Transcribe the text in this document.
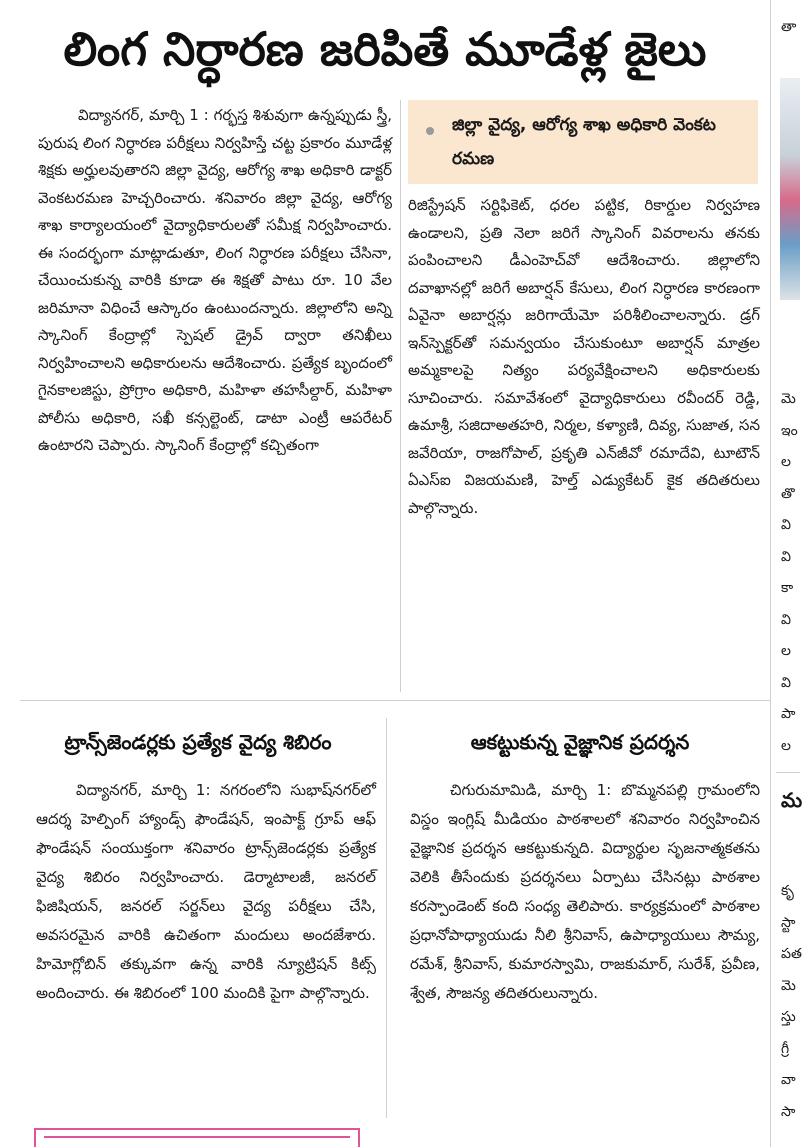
లింగ నిర్ధారణ జరిపితే మూడేళ్ల జైలు

విద్యానగర్, మార్చి 1 : గర్భస్త శిశువుగా ఉన్నప్పుడు స్త్రీ, పురుష లింగ నిర్ధారణ పరీక్షలు నిర్వహిస్తే చట్ట ప్రకారం మూడేళ్ల శిక్షకు అర్హులవుతారని జిల్లా వైద్య, ఆరోగ్య శాఖ అధికారి డాక్టర్ వెంకటరమణ హెచ్చరించారు. శనివారం జిల్లా వైద్య, ఆరోగ్య శాఖ కార్యాలయంలో వైద్యాధికారులతో సమీక్ష నిర్వహించారు. ఈ సందర్భంగా మాట్లాడుతూ, లింగ నిర్ధారణ పరీక్షలు చేసినా, చేయించుకున్న వారికి కూడా ఈ శిక్షతో పాటు రూ. 10 వేల జరిమానా విధించే ఆస్కారం ఉంటుందన్నారు. జిల్లాలోని అన్ని స్కానింగ్ కేంద్రాల్లో స్పెషల్ డ్రైవ్ ద్వారా తనిఖీలు నిర్వహించాలని అధికారులను ఆదేశించారు. ప్రత్యేక బృందంలో గైనకాలజిస్టు, ప్రోగ్రాం అధికారి, మహిళా తహసీల్దార్, మహిళా పోలీసు అధికారి, సఖీ కన్సల్టెంట్, డాటా ఎంట్రీ ఆపరేటర్ ఉంటారని చెప్పారు. స్కానింగ్ కేంద్రాల్లో కచ్చితంగా

జిల్లా వైద్య, ఆరోగ్య శాఖ అధికారి వెంకట రమణ

రిజిస్ట్రేషన్ సర్టిఫికెట్, ధరల పట్టిక, రికార్డుల నిర్వహణ ఉండాలని, ప్రతి నెలా జరిగే స్కానింగ్ వివరాలను తనకు పంపించాలని డీఎంహెచ్‌వో ఆదేశించారు. జిల్లాలోని దవాఖానల్లో జరిగే అబార్షన్ కేసులు, లింగ నిర్ధారణ కారణంగా ఏవైనా అబార్షన్లు జరిగాయేమో పరిశీలించాలన్నారు. డ్రగ్ ఇన్‌స్పెక్టర్‌తో సమన్వయం చేసుకుంటూ అబార్షన్ మాత్రల అమ్మకాలపై నిత్యం పర్యవేక్షించాలని అధికారులకు సూచించారు. సమావేశంలో వైద్యాధికారులు రవీందర్ రెడ్డి, ఉమాశ్రీ, సజిదాఅతహరి, నిర్మల, కళ్యాణి, దివ్య, సుజాత, సన జవేరియా, రాజగోపాల్, ప్రకృతి ఎన్‌జీవో రమాదేవి, టూటౌన్ ఏఎస్‌ఐ విజయమణి, హెల్త్ ఎడ్యుకేటర్ కైక తదితరులు పాల్గొన్నారు.

ట్రాన్స్‌జెండర్లకు ప్రత్యేక వైద్య శిబిరం

విద్యానగర్, మార్చి 1: నగరంలోని సుభాష్‌నగర్‌లో ఆదర్శ హెల్పింగ్ హ్యాండ్స్ ఫౌండేషన్, ఇంపాక్ట్ గ్రూప్ ఆఫ్ ఫౌండేషన్ సంయుక్తంగా శనివారం ట్రాన్స్‌జెండర్లకు ప్రత్యేక వైద్య శిబిరం నిర్వహించారు. డెర్మాటాలజీ, జనరల్ ఫిజిషియన్, జనరల్ సర్జన్‌లు వైద్య పరీక్షలు చేసి, అవసరమైన వారికి ఉచితంగా మందులు అందజేశారు. హిమోగ్లోబిన్ తక్కువగా ఉన్న వారికి న్యూట్రిషన్ కిట్స్ అందించారు. ఈ శిబిరంలో 100 మందికి పైగా పాల్గొన్నారు.

ఆకట్టుకున్న వైజ్ఞానిక ప్రదర్శన

చిగురుమామిడి, మార్చి 1: బొమ్మనపల్లి గ్రామంలోని విస్డం ఇంగ్లిష్ మీడియం పాఠశాలలో శనివారం నిర్వహించిన వైజ్ఞానిక ప్రదర్శన ఆకట్టుకున్నది. విద్యార్థుల సృజనాత్మకతను వెలికి తీసేందుకు ప్రదర్శనలు ఏర్పాటు చేసినట్లు పాఠశాల కరస్పాండెంట్ కంది సంధ్య తెలిపారు. కార్యక్రమంలో పాఠశాల ప్రధానోపాధ్యాయుడు నీలి శ్రీనివాస్, ఉపాధ్యాయులు సౌమ్య, రమేశ్, శ్రీనివాస్, కుమారస్వామి, రాజకుమార్, సురేశ్, ప్రవీణ, శ్వేత, సౌజన్య తదితరులున్నారు.

తా
మె
ఇం
ల
తొ
వి
వి
కా
వి
ల
వి
పా
ల
మ
కృ
స్టా
పత
మె
స్తు
గ్రీ
వా
సా
